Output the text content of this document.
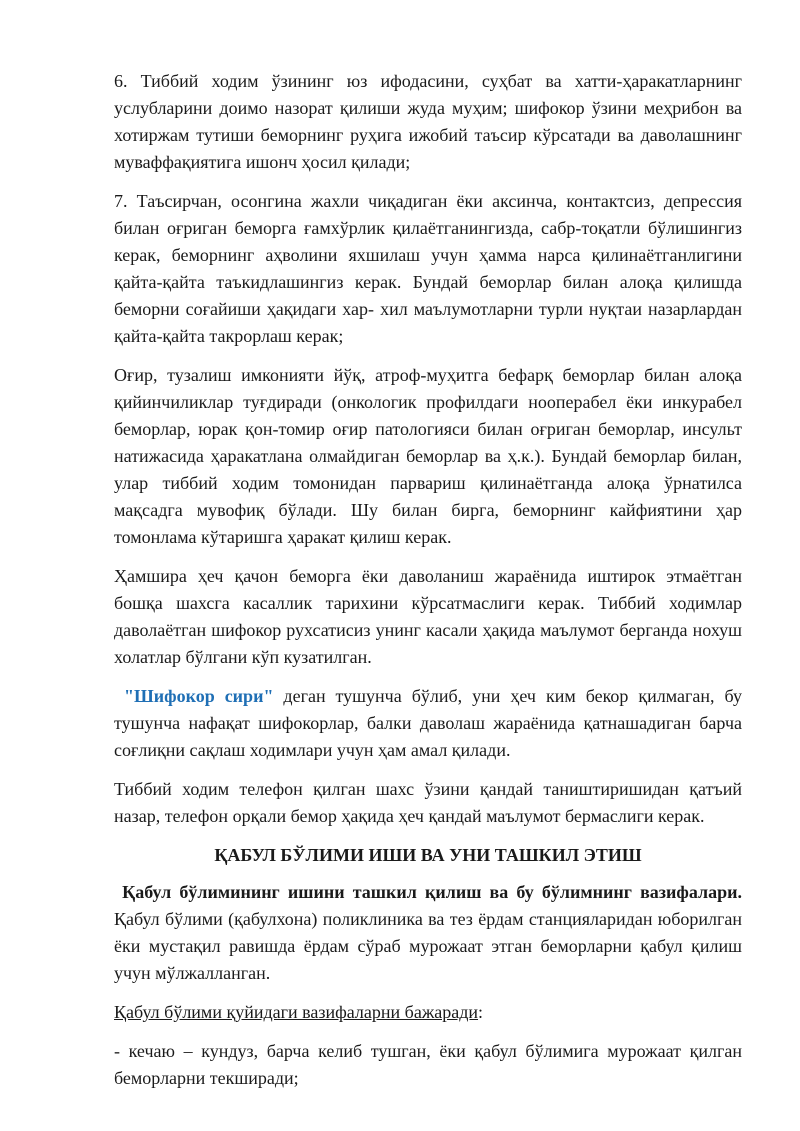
6. Тиббий ходим ўзининг юз ифодасини, суҳбат ва хатти-ҳаракатларнинг услубларини доимо назорат қилиши жуда муҳим; шифокор ўзини меҳрибон ва хотиржам тутиши беморнинг руҳига ижобий таъсир кўрсатади ва даволашнинг муваффақиятига ишонч ҳосил қилади;

7. Таъсирчан, осонгина жахли чиқадиган ёки аксинча, контактсиз, депрессия билан оғриган беморга ғамхўрлик қилаётганингизда, сабр-тоқатли бўлишингиз керак, беморнинг аҳволини яхшилаш учун ҳамма нарса қилинаётганлигини қайта-қайта таъкидлашингиз керак. Бундай беморлар билан алоқа қилишда беморни соғайиши ҳақидаги хар- хил маълумотларни турли нуқтаи назарлардан қайта-қайта такрорлаш керак;

Оғир, тузалиш имконияти йўқ, атроф-муҳитга бефарқ беморлар билан алоқа қийинчиликлар туғдиради (онкологик профилдаги нооперабел ёки инкурабел беморлар, юрак қон-томир оғир патологияси билан оғриган беморлар, инсульт натижасида ҳаракатлана олмайдиган беморлар ва ҳ.к.). Бундай беморлар билан, улар тиббий ходим томонидан парвариш қилинаётганда алоқа ўрнатилса мақсадга мувофиқ бўлади. Шу билан бирга, беморнинг кайфиятини ҳар томонлама кўтаришга ҳаракат қилиш керак.

Ҳамшира ҳеч қачон беморга ёки даволаниш жараёнида иштирок этмаётган бошқа шахсга касаллик тарихини кўрсатмаслиги керак. Тиббий ходимлар даволаётган шифокор рухсатисиз унинг касали ҳақида маълумот берганда нохуш холатлар бўлгани кўп кузатилган.

"Шифокор сири" деган тушунча бўлиб, уни ҳеч ким бекор қилмаган, бу тушунча нафақат шифокорлар, балки даволаш жараёнида қатнашадиган барча соғлиқни сақлаш ходимлари учун ҳам амал қилади.

Тиббий ходим телефон қилган шахс ўзини қандай таништиришидан қатъий назар, телефон орқали бемор ҳақида ҳеч қандай маълумот бермаслиги керак.

ҚАБУЛ БЎЛИМИ ИШИ ВА УНИ ТАШКИЛ ЭТИШ

Қабул бўлимининг ишини ташкил қилиш ва бу бўлимнинг вазифалари. Қабул бўлими (қабулхона) поликлиника ва тез ёрдам станцияларидан юборилган ёки мустақил равишда ёрдам сўраб мурожаат этган беморларни қабул қилиш учун мўлжалланган.

Қабул бўлими қуйидаги вазифаларни бажаради:

- кечаю – кундуз, барча келиб тушган, ёки қабул бўлимига мурожаат қилган беморларни текширади;
